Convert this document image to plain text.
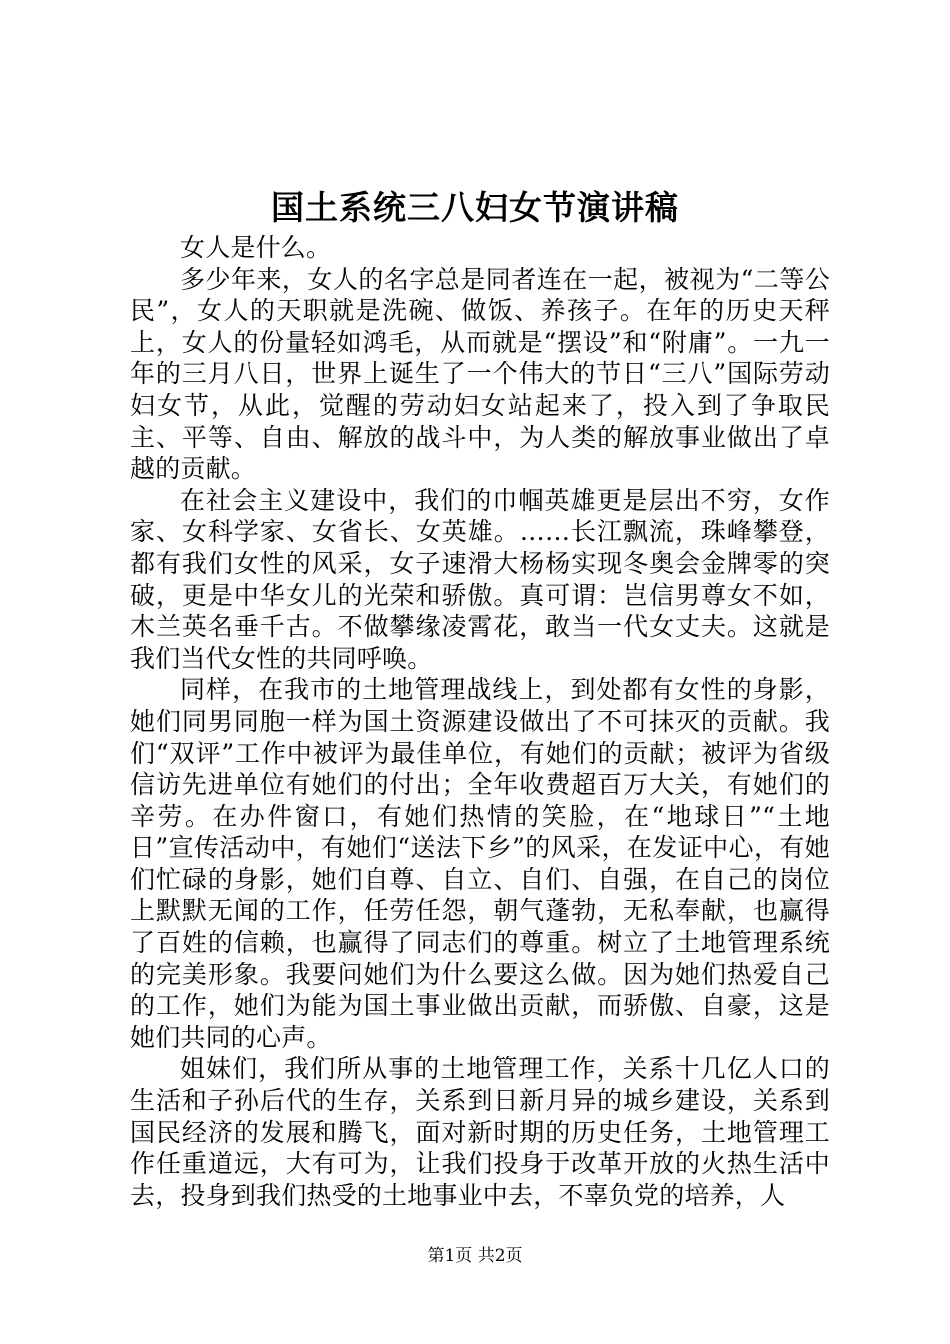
国土系统三八妇女节演讲稿

女人是什么。

多少年来，女人的名字总是同者连在一起，被视为“二等公民”，女人的天职就是洗碗、做饭、养孩子。在年的历史天秤上，女人的份量轻如鸿毛，从而就是“摆设”和“附庸”。一九一年的三月八日，世界上诞生了一个伟大的节日“三八”国际劳动妇女节，从此，觉醒的劳动妇女站起来了，投入到了争取民主、平等、自由、解放的战斗中，为人类的解放事业做出了卓越的贡献。

在社会主义建设中，我们的巾帼英雄更是层出不穷，女作家、女科学家、女省长、女英雄。……长江飘流，珠峰攀登，都有我们女性的风采，女子速滑大杨杨实现冬奥会金牌零的突破，更是中华女儿的光荣和骄傲。真可谓：岂信男尊女不如，木兰英名垂千古。不做攀缘凌霄花，敢当一代女丈夫。这就是我们当代女性的共同呼唤。

同样，在我市的土地管理战线上，到处都有女性的身影，她们同男同胞一样为国土资源建设做出了不可抹灭的贡献。我们“双评”工作中被评为最佳单位，有她们的贡献；被评为省级信访先进单位有她们的付出；全年收费超百万大关，有她们的辛劳。在办件窗口，有她们热情的笑脸，在“地球日”“土地日”宣传活动中，有她们“送法下乡”的风采，在发证中心，有她们忙碌的身影，她们自尊、自立、自们、自强，在自己的岗位上默默无闻的工作，任劳任怨，朝气蓬勃，无私奉献，也赢得了百姓的信赖，也赢得了同志们的尊重。树立了土地管理系统的完美形象。我要问她们为什么要这么做。因为她们热爱自己的工作，她们为能为国土事业做出贡献，而骄傲、自豪，这是她们共同的心声。

姐妹们，我们所从事的土地管理工作，关系十几亿人口的生活和子孙后代的生存，关系到日新月异的城乡建设，关系到国民经济的发展和腾飞，面对新时期的历史任务，土地管理工作任重道远，大有可为，让我们投身于改革开放的火热生活中去，投身到我们热受的土地事业中去，不辜负党的培养，人

第1页 共2页
